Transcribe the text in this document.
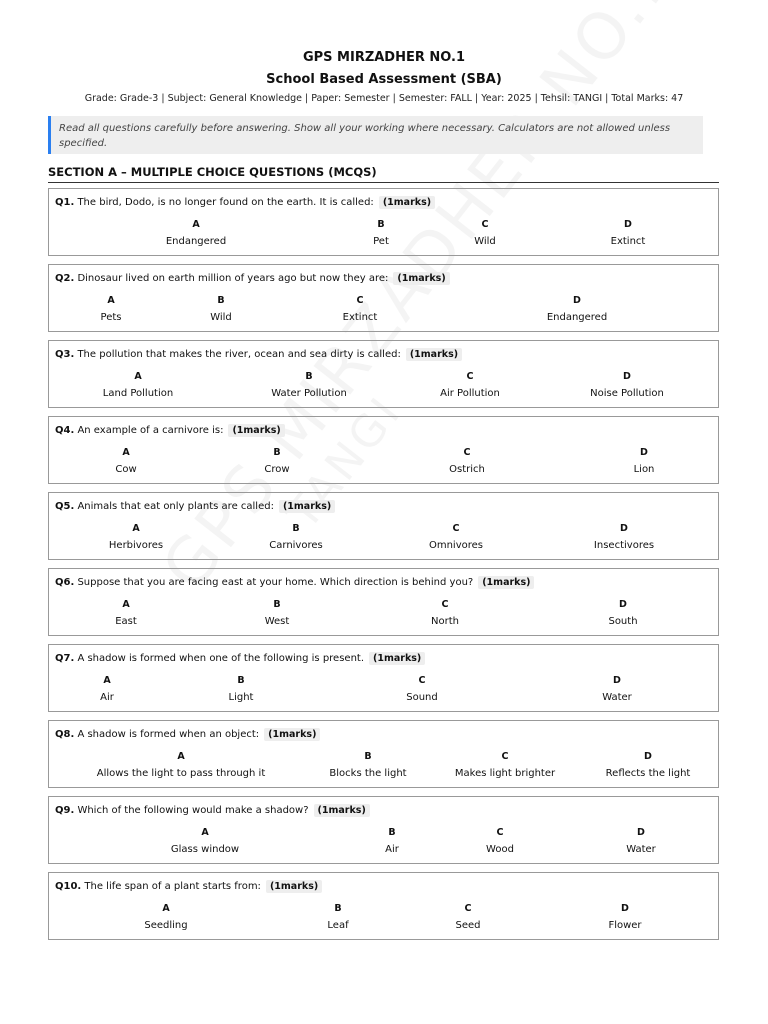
GPS MIRZADHER NO.1
School Based Assessment (SBA)
Grade: Grade-3 | Subject: General Knowledge | Paper: Semester | Semester: FALL | Year: 2025 | Tehsil: TANGI | Total Marks: 47
Read all questions carefully before answering. Show all your working where necessary. Calculators are not allowed unless specified.
SECTION A – MULTIPLE CHOICE QUESTIONS (MCQS)
Q1. The bird, Dodo, is no longer found on the earth. It is called: (1marks)
A
Endangered
B
Pet
C
Wild
D
Extinct
Q2. Dinosaur lived on earth million of years ago but now they are: (1marks)
A
Pets
B
Wild
C
Extinct
D
Endangered
Q3. The pollution that makes the river, ocean and sea dirty is called: (1marks)
A
Land Pollution
B
Water Pollution
C
Air Pollution
D
Noise Pollution
Q4. An example of a carnivore is: (1marks)
A
Cow
B
Crow
C
Ostrich
D
Lion
Q5. Animals that eat only plants are called: (1marks)
A
Herbivores
B
Carnivores
C
Omnivores
D
Insectivores
Q6. Suppose that you are facing east at your home. Which direction is behind you? (1marks)
A
East
B
West
C
North
D
South
Q7. A shadow is formed when one of the following is present. (1marks)
A
Air
B
Light
C
Sound
D
Water
Q8. A shadow is formed when an object: (1marks)
A
Allows the light to pass through it
B
Blocks the light
C
Makes light brighter
D
Reflects the light
Q9. Which of the following would make a shadow? (1marks)
A
Glass window
B
Air
C
Wood
D
Water
Q10. The life span of a plant starts from: (1marks)
A
Seedling
B
Leaf
C
Seed
D
Flower
